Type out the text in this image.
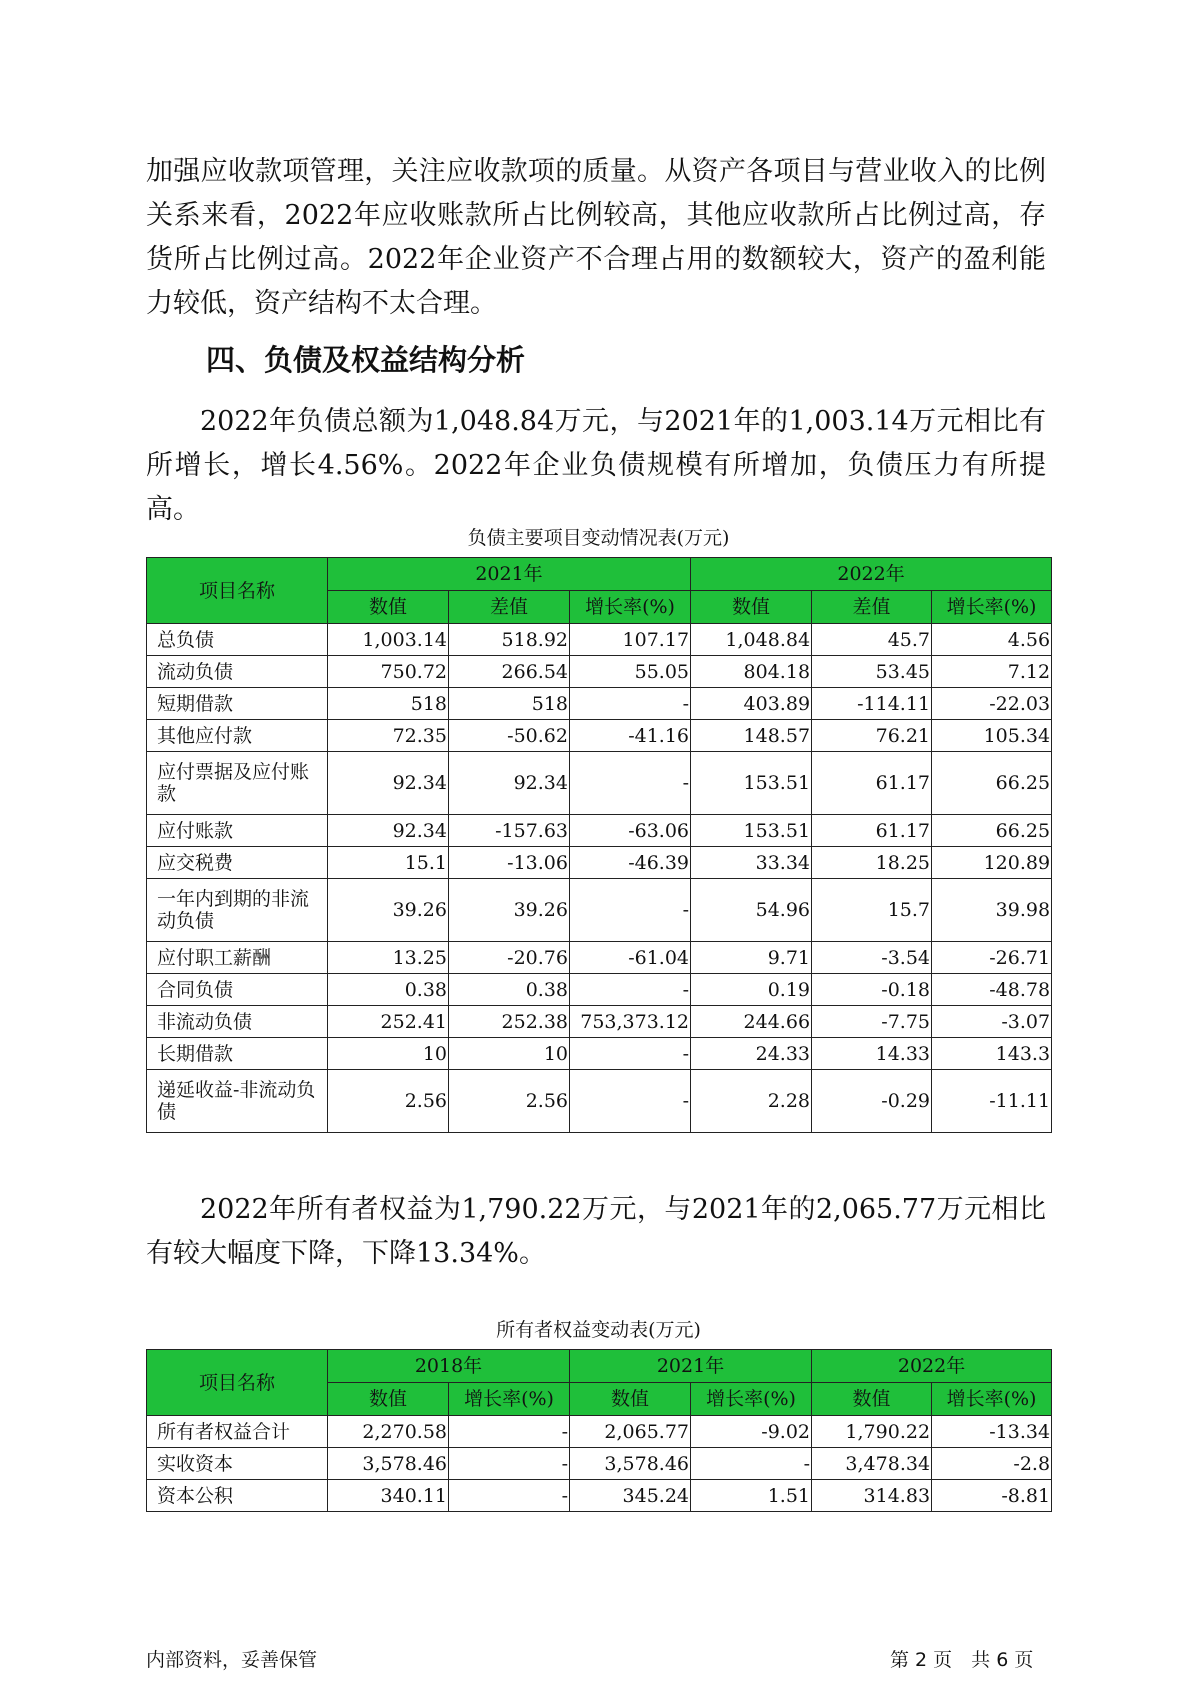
加强应收款项管理，关注应收款项的质量。从资产各项目与营业收入的比例关系来看，2022年应收账款所占比例较高，其他应收款所占比例过高，存货所占比例过高。2022年企业资产不合理占用的数额较大，资产的盈利能力较低，资产结构不太合理。

四、负债及权益结构分析

2022年负债总额为1,048.84万元，与2021年的1,003.14万元相比有所增长，增长4.56%。2022年企业负债规模有所增加，负债压力有所提高。

负债主要项目变动情况表(万元)
项目名称	2021年			2022年		
	数值	差值	增长率(%)	数值	差值	增长率(%)
总负债	1,003.14	518.92	107.17	1,048.84	45.7	4.56
流动负债	750.72	266.54	55.05	804.18	53.45	7.12
短期借款	518	518	-	403.89	-114.11	-22.03
其他应付款	72.35	-50.62	-41.16	148.57	76.21	105.34
应付票据及应付账款	92.34	92.34	-	153.51	61.17	66.25
应付账款	92.34	-157.63	-63.06	153.51	61.17	66.25
应交税费	15.1	-13.06	-46.39	33.34	18.25	120.89
一年内到期的非流动负债	39.26	39.26	-	54.96	15.7	39.98
应付职工薪酬	13.25	-20.76	-61.04	9.71	-3.54	-26.71
合同负债	0.38	0.38	-	0.19	-0.18	-48.78
非流动负债	252.41	252.38	753,373.12	244.66	-7.75	-3.07
长期借款	10	10	-	24.33	14.33	143.3
递延收益-非流动负债	2.56	2.56	-	2.28	-0.29	-11.11

2022年所有者权益为1,790.22万元，与2021年的2,065.77万元相比有较大幅度下降，下降13.34%。

所有者权益变动表(万元)
项目名称	2018年		2021年		2022年	
	数值	增长率(%)	数值	增长率(%)	数值	增长率(%)
所有者权益合计	2,270.58	-	2,065.77	-9.02	1,790.22	-13.34
实收资本	3,578.46	-	3,578.46	-	3,478.34	-2.8
资本公积	340.11	-	345.24	1.51	314.83	-8.81
内部资料，妥善保管	第 2 页　共 6 页
